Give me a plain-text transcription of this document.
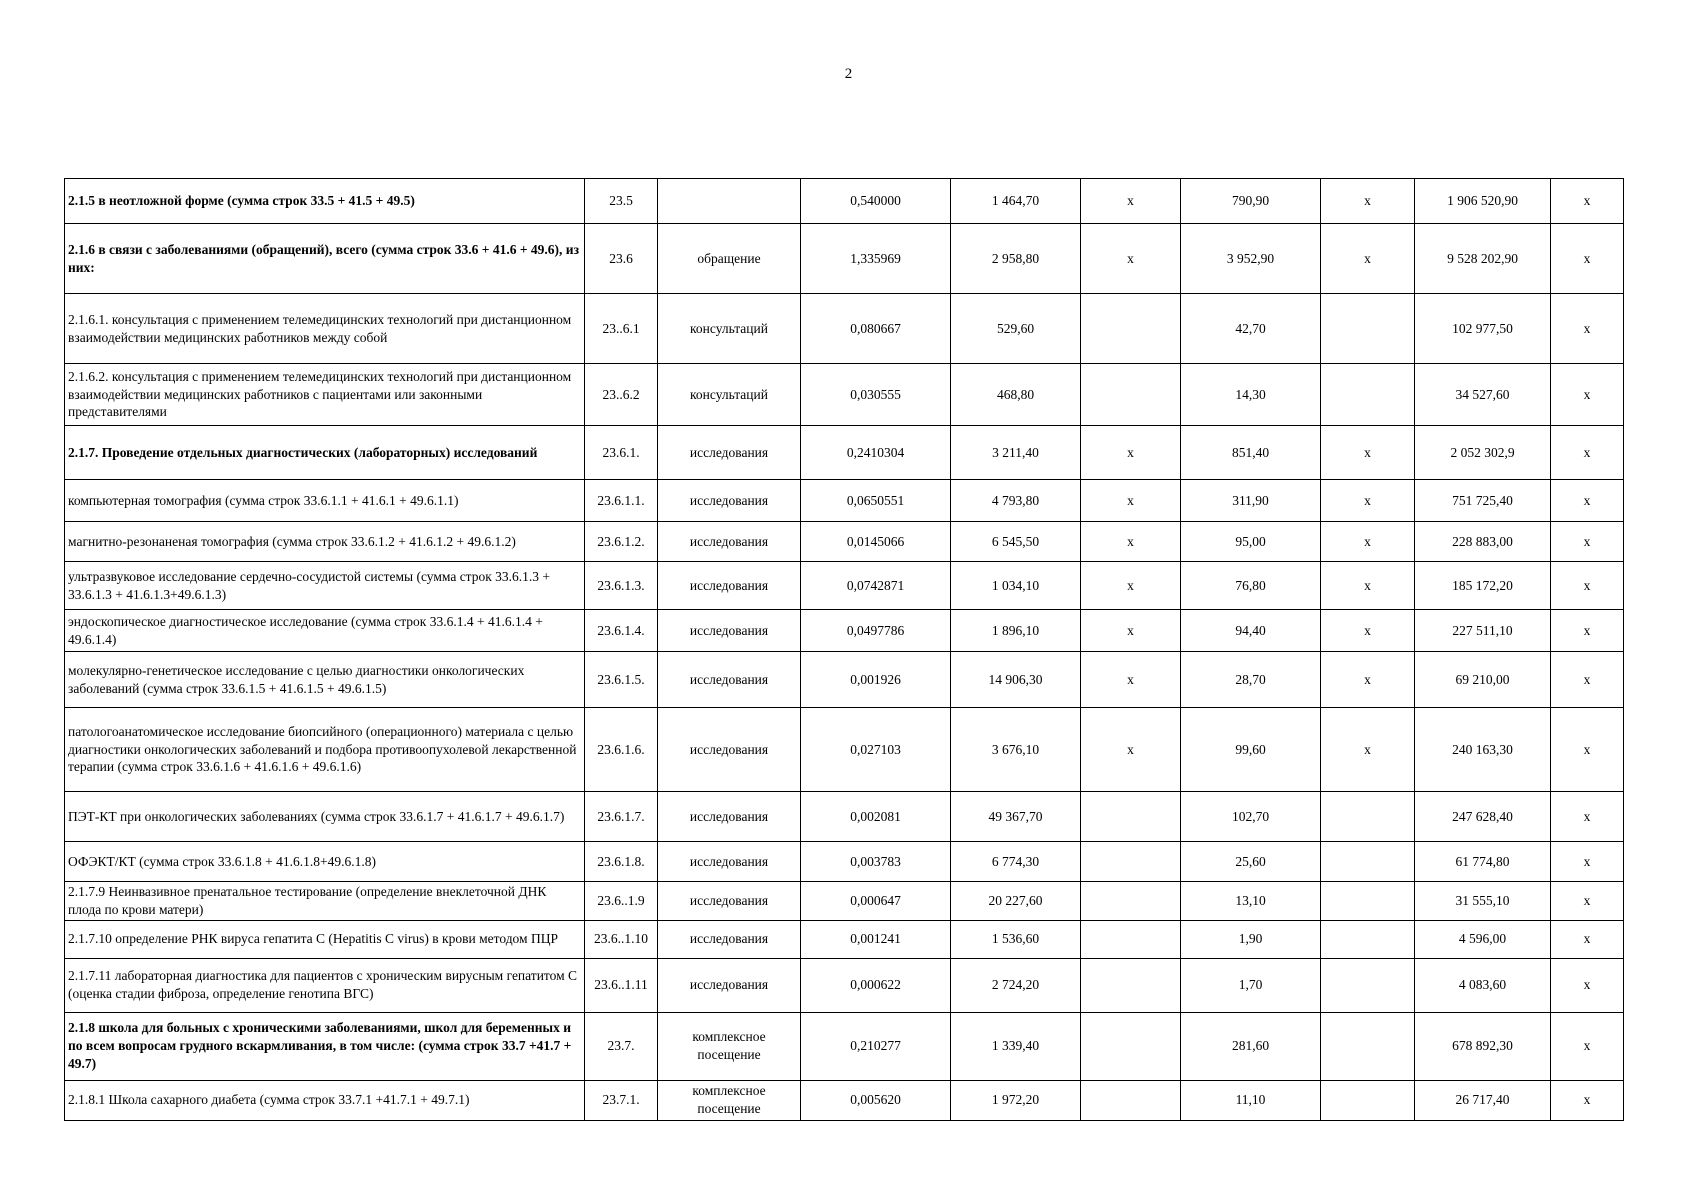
2
2.1.5 в неотложной форме (сумма строк 33.5 + 41.5 + 49.5)	23.5		0,540000	1 464,70	х	790,90	х	1 906 520,90	х
2.1.6 в связи с заболеваниями (обращений), всего (сумма строк 33.6 + 41.6 + 49.6), из них:	23.6	обращение	1,335969	2 958,80	х	3 952,90	х	9 528 202,90	х
2.1.6.1. консультация с применением телемедицинских технологий при дистанционном взаимодействии медицинских работников между собой	23..6.1	консультаций	0,080667	529,60		42,70		102 977,50	х
2.1.6.2. консультация с применением телемедицинских технологий при дистанционном взаимодействии медицинских работников с пациентами или законными представителями	23..6.2	консультаций	0,030555	468,80		14,30		34 527,60	х
2.1.7. Проведение отдельных диагностических (лабораторных) исследований	23.6.1.	исследования	0,2410304	3 211,40	х	851,40	х	2 052 302,9	х
компьютерная томография (сумма строк 33.6.1.1 + 41.6.1 + 49.6.1.1)	23.6.1.1.	исследования	0,0650551	4 793,80	х	311,90	х	751 725,40	х
магнитно-резонаненая томография (сумма строк 33.6.1.2 + 41.6.1.2 + 49.6.1.2)	23.6.1.2.	исследования	0,0145066	6 545,50	х	95,00	х	228 883,00	х
ультразвуковое исследование сердечно-сосудистой системы (сумма строк 33.6.1.3 + 33.6.1.3 + 41.6.1.3+49.6.1.3)	23.6.1.3.	исследования	0,0742871	1 034,10	х	76,80	х	185 172,20	х
эндоскопическое диагностическое исследование (сумма строк 33.6.1.4 + 41.6.1.4 + 49.6.1.4)	23.6.1.4.	исследования	0,0497786	1 896,10	х	94,40	х	227 511,10	х
молекулярно-генетическое исследование с целью диагностики онкологических заболеваний (сумма строк 33.6.1.5 + 41.6.1.5 + 49.6.1.5)	23.6.1.5.	исследования	0,001926	14 906,30	х	28,70	х	69 210,00	х
патологоанатомическое исследование биопсийного (операционного) материала с целью диагностики онкологических заболеваний и подбора противоопухолевой лекарственной терапии (сумма строк 33.6.1.6 + 41.6.1.6 + 49.6.1.6)	23.6.1.6.	исследования	0,027103	3 676,10	х	99,60	х	240 163,30	х
ПЭТ-КТ при онкологических заболеваниях (сумма строк 33.6.1.7 + 41.6.1.7 + 49.6.1.7)	23.6.1.7.	исследования	0,002081	49 367,70		102,70		247 628,40	х
ОФЭКТ/КТ (сумма строк 33.6.1.8 + 41.6.1.8+49.6.1.8)	23.6.1.8.	исследования	0,003783	6 774,30		25,60		61 774,80	х
2.1.7.9 Неинвазивное пренатальное тестирование (определение внеклеточной ДНК плода по крови матери)	23.6..1.9	исследования	0,000647	20 227,60		13,10		31 555,10	х
2.1.7.10 определение РНК вируса гепатита С (Hepatitis C virus) в крови методом ПЦР	23.6..1.10	исследования	0,001241	1 536,60		1,90		4 596,00	х
2.1.7.11 лабораторная диагностика для пациентов с хроническим вирусным гепатитом С (оценка стадии фиброза, определение генотипа ВГС)	23.6..1.11	исследования	0,000622	2 724,20		1,70		4 083,60	х
2.1.8 школа для больных с хроническими заболеваниями, школ для беременных и по всем вопросам грудного вскармливания, в том числе: (сумма строк 33.7 +41.7 + 49.7)	23.7.	комплексное посещение	0,210277	1 339,40		281,60		678 892,30	х
2.1.8.1 Школа сахарного диабета (сумма строк 33.7.1 +41.7.1 + 49.7.1)	23.7.1.	комплексное посещение	0,005620	1 972,20		11,10		26 717,40	х
